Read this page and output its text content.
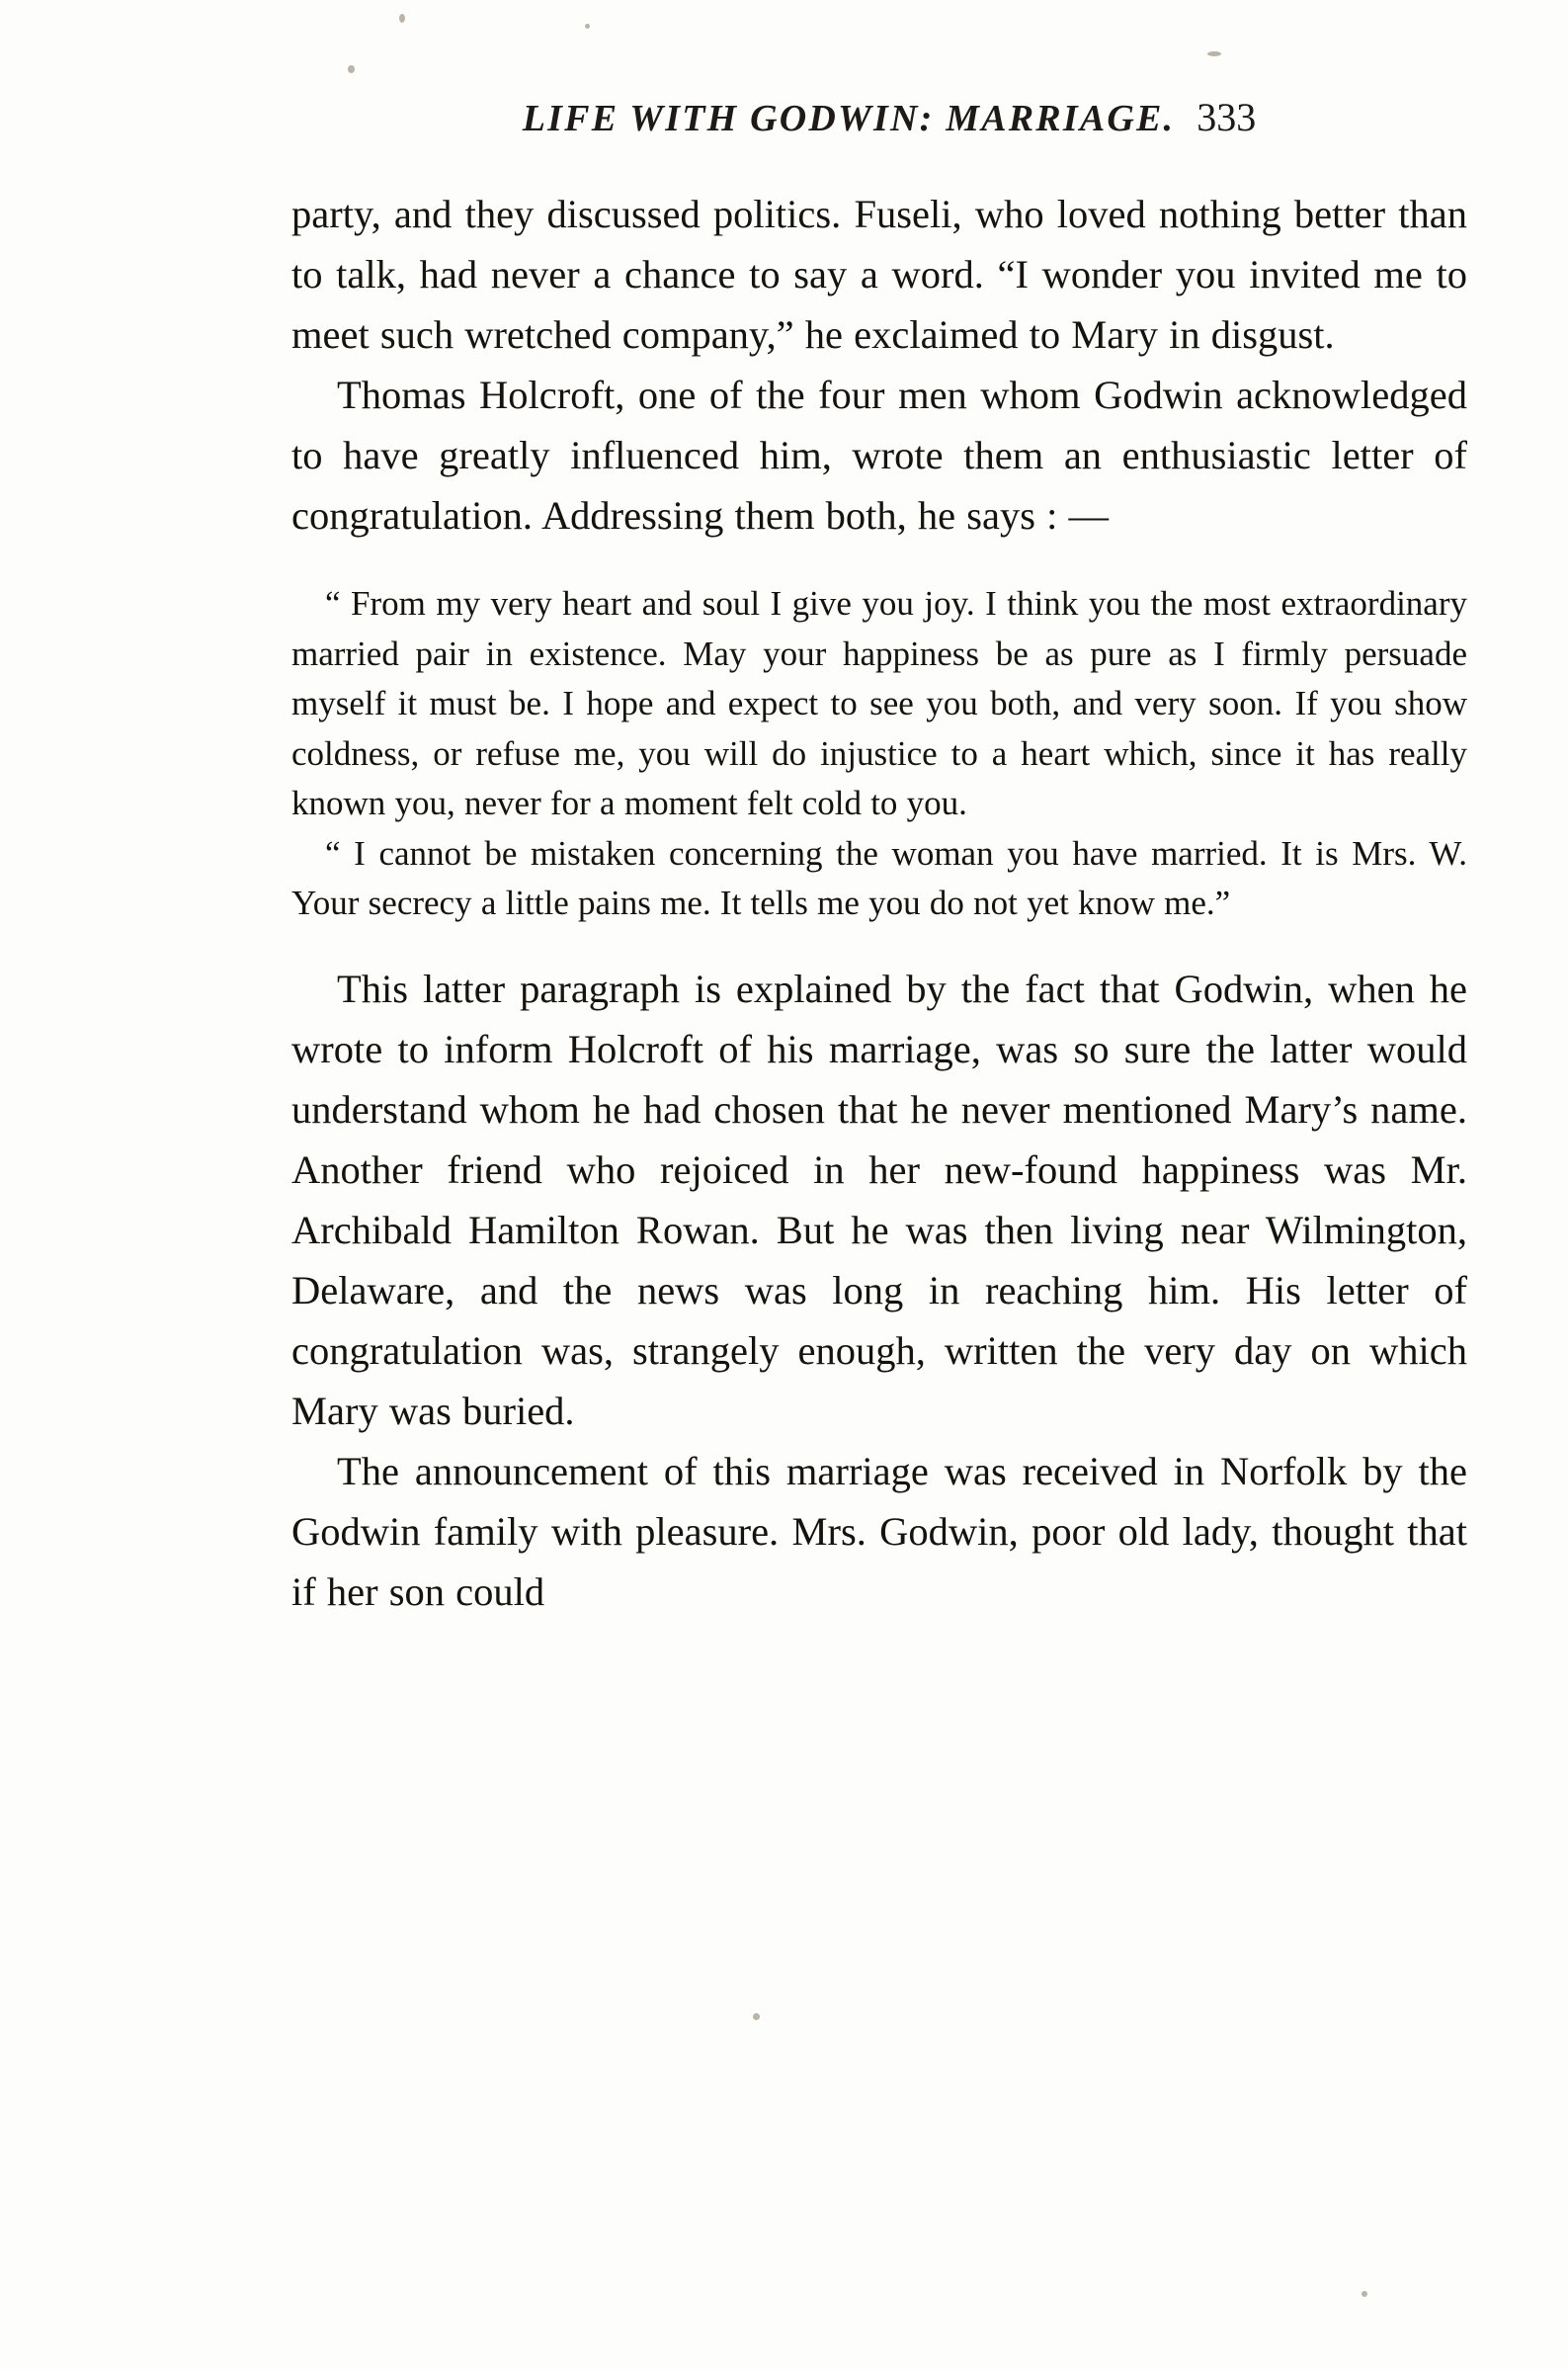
LIFE WITH GODWIN: MARRIAGE. 333

party, and they discussed politics. Fuseli, who loved nothing better than to talk, had never a chance to say a word. “I wonder you invited me to meet such wretched company,” he exclaimed to Mary in disgust.

Thomas Holcroft, one of the four men whom Godwin acknowledged to have greatly influenced him, wrote them an enthusiastic letter of congratulation. Addressing them both, he says : —

“ From my very heart and soul I give you joy. I think you the most extraordinary married pair in existence. May your happiness be as pure as I firmly persuade myself it must be. I hope and expect to see you both, and very soon. If you show coldness, or refuse me, you will do injustice to a heart which, since it has really known you, never for a moment felt cold to you.

“ I cannot be mistaken concerning the woman you have married. It is Mrs. W. Your secrecy a little pains me. It tells me you do not yet know me.”

This latter paragraph is explained by the fact that Godwin, when he wrote to inform Holcroft of his marriage, was so sure the latter would understand whom he had chosen that he never mentioned Mary’s name. Another friend who rejoiced in her new-found happiness was Mr. Archibald Hamilton Rowan. But he was then living near Wilmington, Delaware, and the news was long in reaching him. His letter of congratulation was, strangely enough, written the very day on which Mary was buried.

The announcement of this marriage was received in Norfolk by the Godwin family with pleasure. Mrs. Godwin, poor old lady, thought that if her son could
